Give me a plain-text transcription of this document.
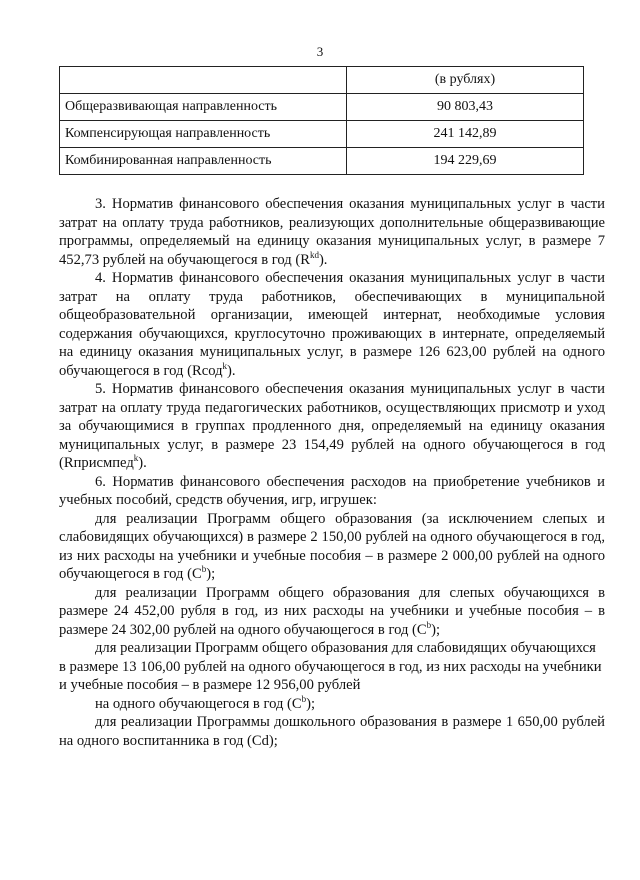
3
	(в рублях)
Общеразвивающая направленность	90 803,43
Компенсирующая направленность	241 142,89
Комбинированная направленность	194 229,69

3. Норматив финансового обеспечения оказания муниципальных услуг в части затрат на оплату труда работников, реализующих дополнительные общеразвивающие программы, определяемый на единицу оказания муниципальных услуг, в размере 7 452,73 рублей на обучающегося в год $(R^{kd})$.

4. Норматив финансового обеспечения оказания муниципальных услуг в части затрат на оплату труда работников, обеспечивающих в муниципальной общеобразовательной организации, имеющей интернат, необходимые условия содержания обучающихся, круглосуточно проживающих в интернате, определяемый на единицу оказания муниципальных услуг, в размере 126 623,00 рублей на одного обучающегося в год (Rсод$^k$).

5. Норматив финансового обеспечения оказания муниципальных услуг в части затрат на оплату труда педагогических работников, осуществляющих присмотр и уход за обучающимися в группах продленного дня, определяемый на единицу оказания муниципальных услуг, в размере 23 154,49 рублей на одного обучающегося в год (Rприсмпед$^k$).

6. Норматив финансового обеспечения расходов на приобретение учебников и учебных пособий, средств обучения, игр, игрушек:

для реализации Программ общего образования (за исключением слепых и слабовидящих обучающихся) в размере 2 150,00 рублей на одного обучающегося в год, из них расходы на учебники и учебные пособия – в размере 2 000,00 рублей на одного обучающегося в год $(C^b)$;

для реализации Программ общего образования для слепых обучающихся в размере 24 452,00 рубля в год, из них расходы на учебники и учебные пособия – в размере 24 302,00 рублей на одного обучающегося в год $(C^b)$;

для реализации Программ общего образования для слабовидящих обучающихся в размере 13 106,00 рублей на одного обучающегося в год, из них расходы на учебники и учебные пособия – в размере 12 956,00 рублей

на одного обучающегося в год $(C^b)$;

для реализации Программы дошкольного образования в размере 1 650,00 рублей на одного воспитанника в год (Cd);
